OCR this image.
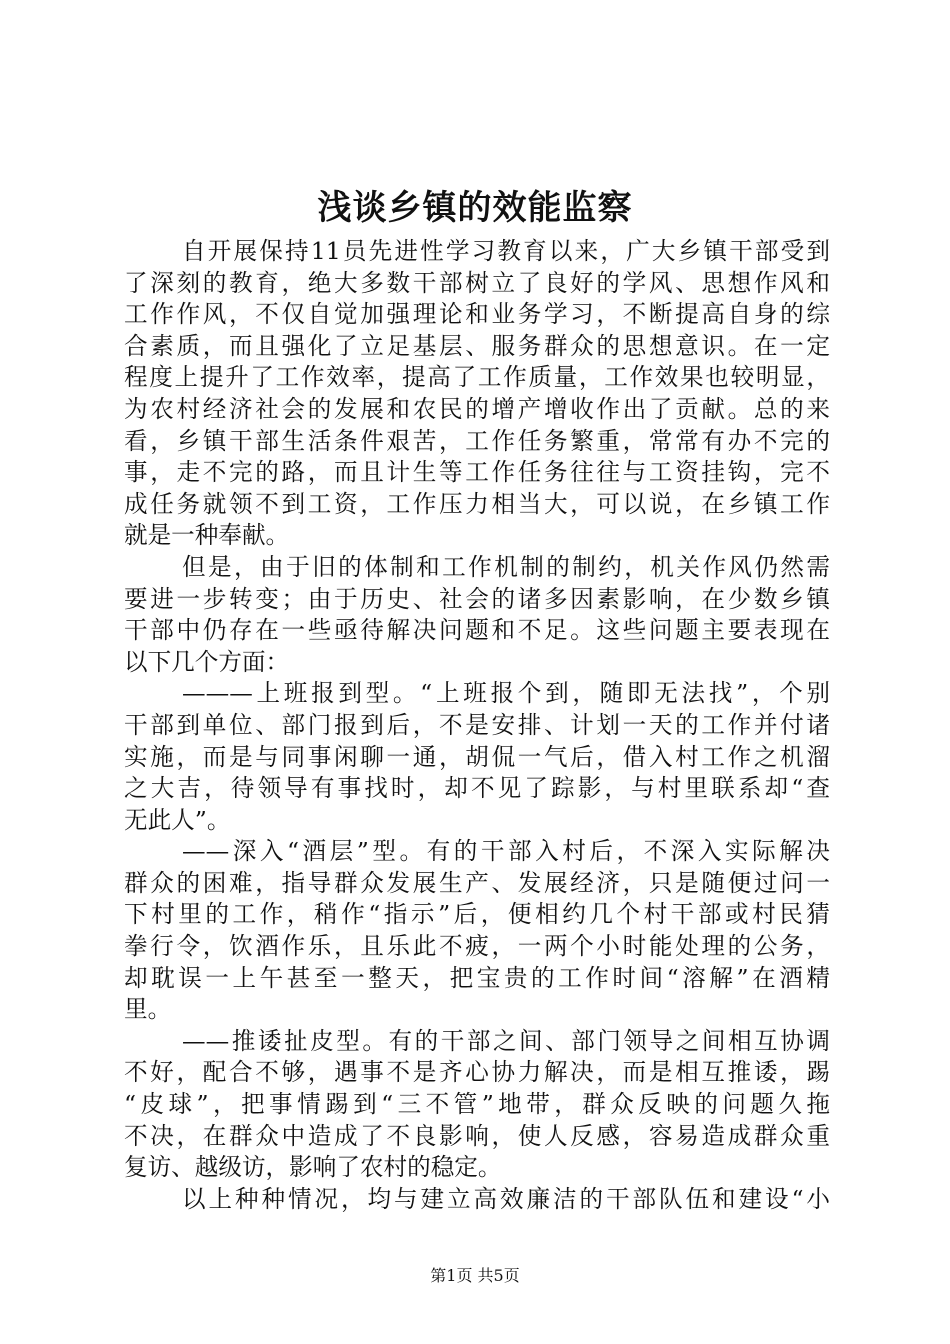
浅谈乡镇的效能监察
自开展保持11员先进性学习教育以来，广大乡镇干部受到
了深刻的教育，绝大多数干部树立了良好的学风、思想作风和
工作作风，不仅自觉加强理论和业务学习，不断提高自身的综
合素质，而且强化了立足基层、服务群众的思想意识。在一定
程度上提升了工作效率，提高了工作质量，工作效果也较明显，
为农村经济社会的发展和农民的增产增收作出了贡献。总的来
看，乡镇干部生活条件艰苦，工作任务繁重，常常有办不完的
事，走不完的路，而且计生等工作任务往往与工资挂钩，完不
成任务就领不到工资，工作压力相当大，可以说，在乡镇工作
就是一种奉献。
但是，由于旧的体制和工作机制的制约，机关作风仍然需
要进一步转变；由于历史、社会的诸多因素影响，在少数乡镇
干部中仍存在一些亟待解决问题和不足。这些问题主要表现在
以下几个方面：
———上班报到型。“上班报个到，随即无法找”，个别
干部到单位、部门报到后，不是安排、计划一天的工作并付诸
实施，而是与同事闲聊一通，胡侃一气后，借入村工作之机溜
之大吉，待领导有事找时，却不见了踪影，与村里联系却“查
无此人”。
——深入“酒层”型。有的干部入村后，不深入实际解决
群众的困难，指导群众发展生产、发展经济，只是随便过问一
下村里的工作，稍作“指示”后，便相约几个村干部或村民猜
拳行令，饮酒作乐，且乐此不疲，一两个小时能处理的公务，
却耽误一上午甚至一整天，把宝贵的工作时间“溶解”在酒精
里。
——推诿扯皮型。有的干部之间、部门领导之间相互协调
不好，配合不够，遇事不是齐心协力解决，而是相互推诿，踢
“皮球”，把事情踢到“三不管”地带，群众反映的问题久拖
不决，在群众中造成了不良影响，使人反感，容易造成群众重
复访、越级访，影响了农村的稳定。
以上种种情况，均与建立高效廉洁的干部队伍和建设“小
第1页 共5页
